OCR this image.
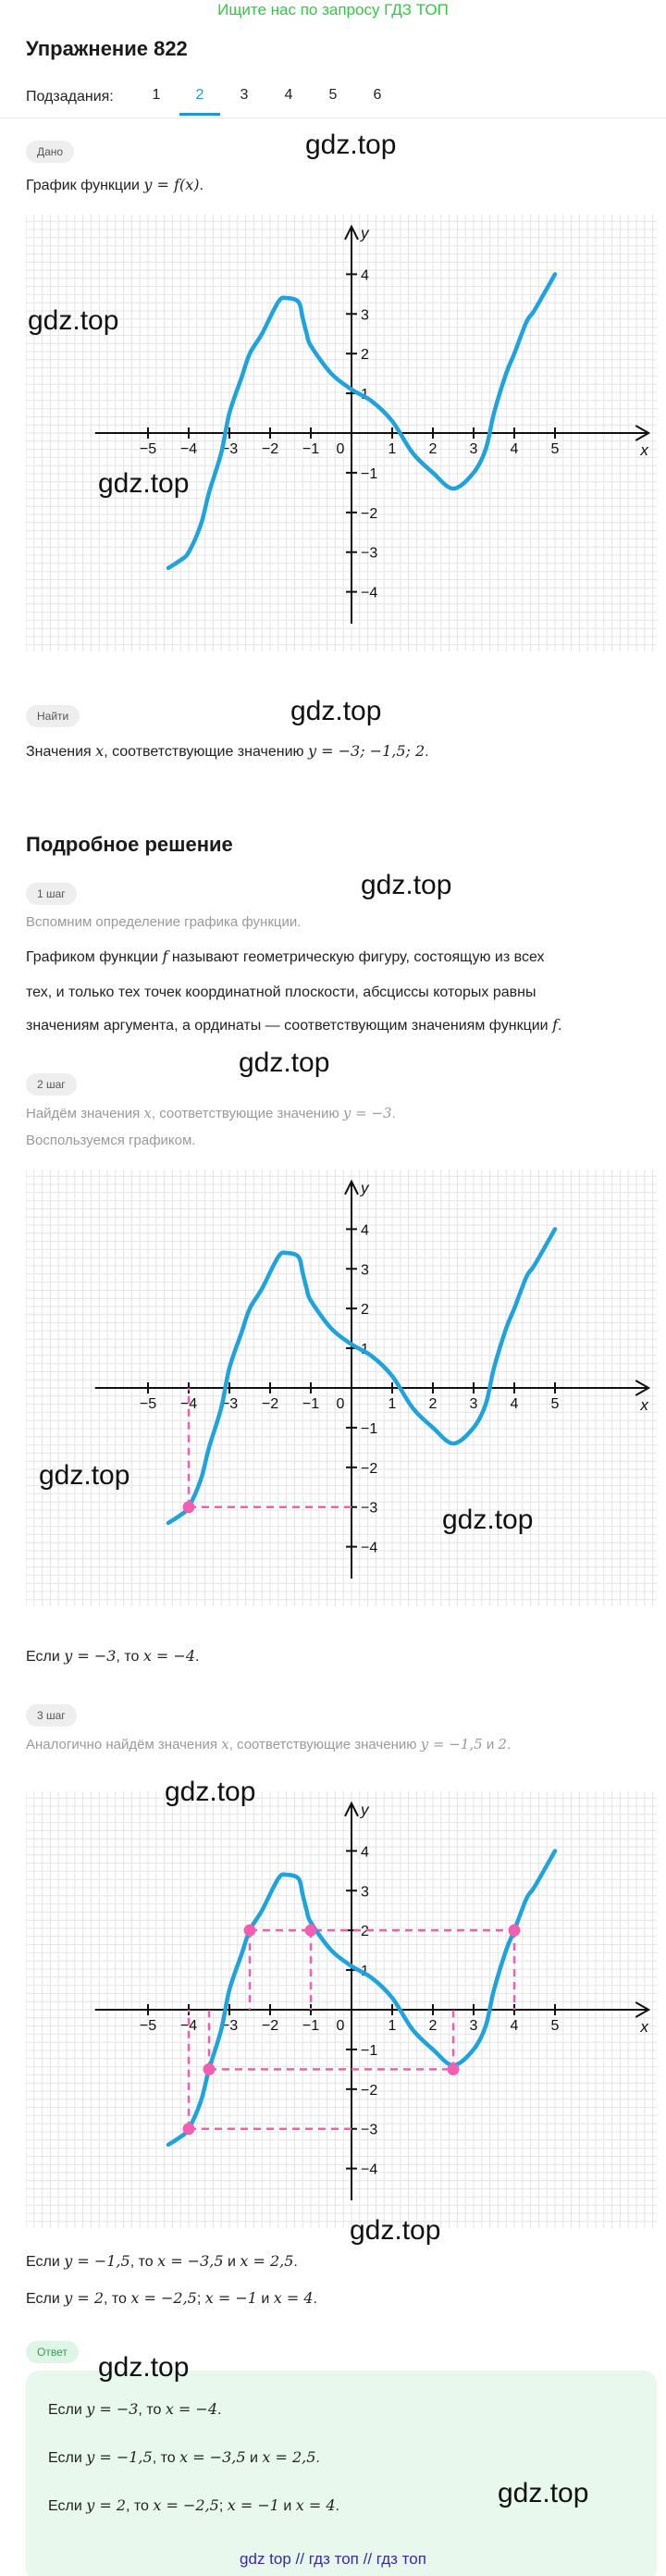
Ищите нас по запросу ГДЗ ТОП
Упражнение 822
Подзадания:	1	2	3	4	5	6
Дано
График функции y = f(x).
−5 −4 −3 −2 −1 0	1 2 3 4 5
4
3
2
1
−1
−2
−3
−4
x
y
Найти
Значения x, соответствующие значению y = −3; −1,5; 2.
Подробное решение
1 шаг
Вспомним определение графика функции.
Графиком функции f называют геометрическую фигуру, состоящую из всех
тех, и только тех точек координатной плоскости, абсциссы которых равны
значениям аргумента, а ординаты — соответствующим значениям функции f.
2 шаг
Найдём значения x, соответствующие значению y = −3.
Воспользуемся графиком.
−5 −4 −3 −2 −1 0	1 2 3 4 5
4
3
2
1
−1
−2
−3
−4
x
y
Если y = −3, то x = −4.
3 шаг
Аналогично найдём значения x, соответствующие значению y = −1,5 и 2.
−5 −4 −3 −2 −1 0	1 2 3 4 5
4
3
2
1
−1
−2
−3
−4
x
y
Если y = −1,5, то x = −3,5 и x = 2,5.
Если y = 2, то x = −2,5; x = −1 и x = 4.
Ответ
Если y = −3, то x = −4.
Если y = −1,5, то x = −3,5 и x = 2,5.
Если y = 2, то x = −2,5; x = −1 и x = 4.
gdz.top
gdz.top
gdz.top
gdz.top
gdz.top
gdz.top
gdz.top
gdz.top
gdz.top
gdz.top
gdz.top
gdz.top
gdz top // гдз топ // гдз топ
